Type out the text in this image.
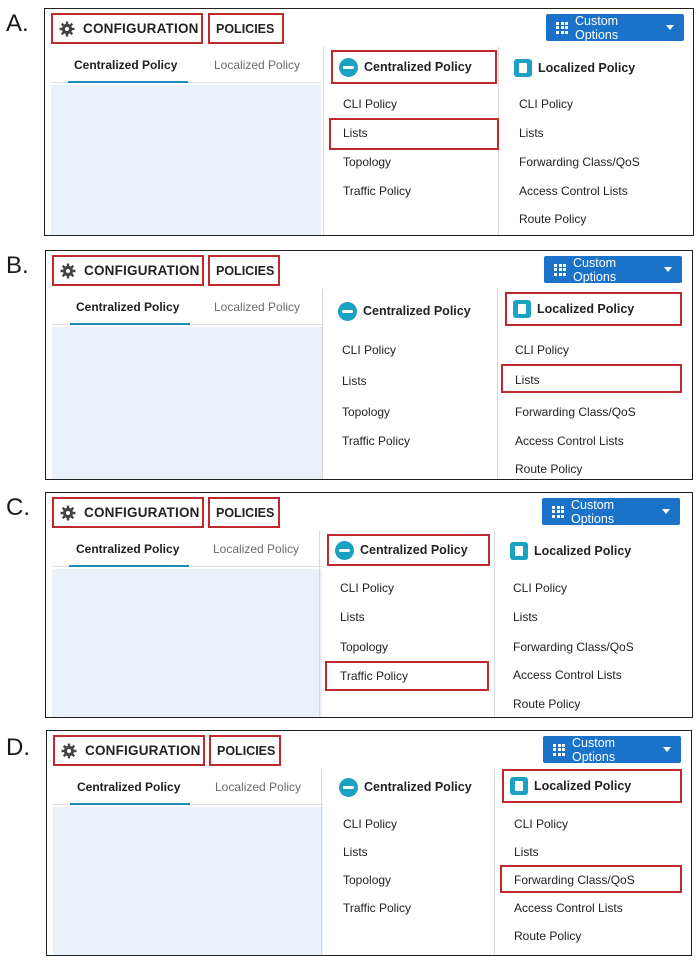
A.	CONFIGURATION POLICIES
Custom Options
Centralized Policy	Localized Policy	Centralized Policy
CLI Policy
Lists
Topology
Traffic Policy
Localized Policy
CLI Policy
Lists
Forwarding Class/QoS
Access Control Lists
Route Policy
B.	CONFIGURATION POLICIES
Custom Options
Centralized Policy	Localized Policy	Centralized Policy
CLI Policy
Lists
Topology
Traffic Policy
Localized Policy
CLI Policy
Lists
Forwarding Class/QoS
Access Control Lists
Route Policy
C.	CONFIGURATION POLICIES
Custom Options
Centralized Policy	Localized Policy	Centralized Policy
CLI Policy
Lists
Topology
Traffic Policy
Localized Policy
CLI Policy
Lists
Forwarding Class/QoS
Access Control Lists
Route Policy
D.	CONFIGURATION POLICIES
Custom Options
Centralized Policy	Localized Policy	Centralized Policy
CLI Policy
Lists
Topology
Traffic Policy
Localized Policy
CLI Policy
Lists
Forwarding Class/QoS
Access Control Lists
Route Policy
